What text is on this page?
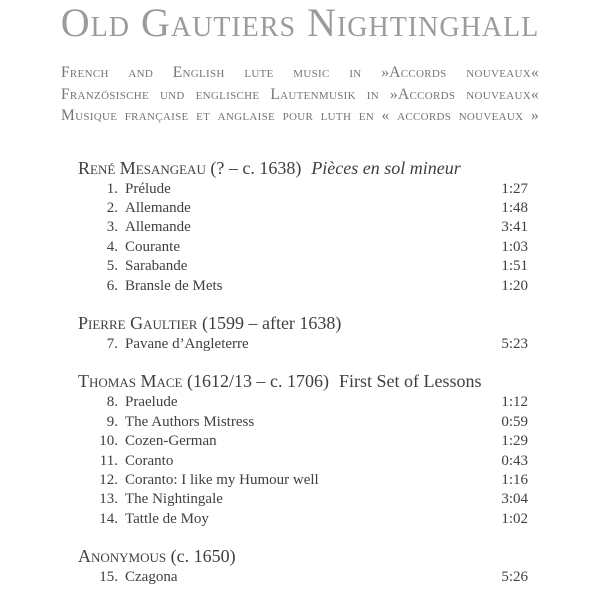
Old Gautiers Nightinghall
French and English lute music in »Accords nouveaux«
Französische und englische Lautenmusik in »Accords nouveaux«
Musique française et anglaise pour luth en « accords nouveaux »
René Mesangeau (? – c. 1638) Pièces en sol mineur
1. Prélude	1:27
2. Allemande	1:48
3. Allemande	3:41
4. Courante	1:03
5. Sarabande	1:51
6. Bransle de Mets	1:20
Pierre Gaultier (1599 – after 1638)
7. Pavane d’Angleterre	5:23
Thomas Mace (1612/13 – c. 1706) First Set of Lessons
8. Praelude	1:12
9. The Authors Mistress	0:59
10. Cozen-German	1:29
11. Coranto	0:43
12. Coranto: I like my Humour well	1:16
13. The Nightingale	3:04
14. Tattle de Moy	1:02
Anonymous (c. 1650)
15. Czagona	5:26
